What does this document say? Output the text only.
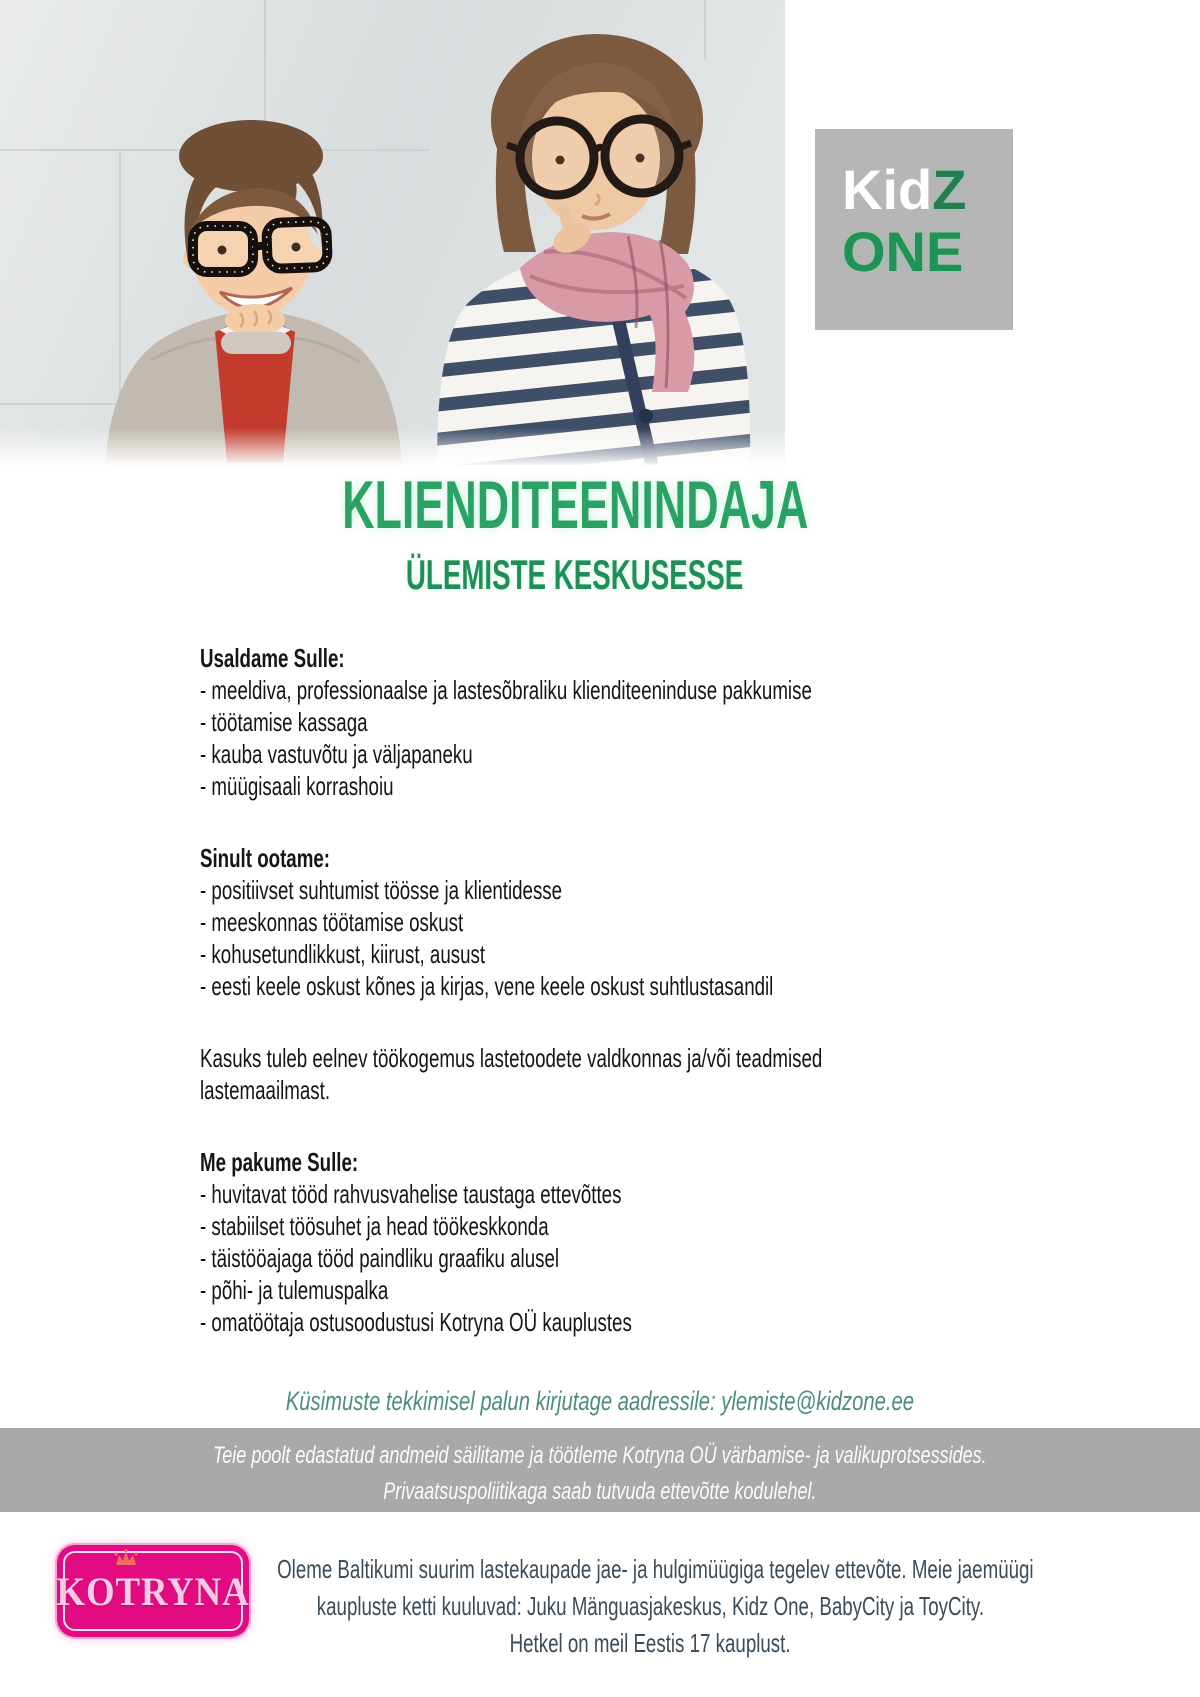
KidZ
ONE
KLIENDITEENINDAJA
ÜLEMISTE KESKUSESSE
Usaldame Sulle:
- meeldiva, professionaalse ja lastesõbraliku klienditeeninduse pakkumise
- töötamise kassaga
- kauba vastuvõtu ja väljapaneku
- müügisaali korrashoiu
Sinult ootame:
- positiivset suhtumist töösse ja klientidesse
- meeskonnas töötamise oskust
- kohusetundlikkust, kiirust, ausust
- eesti keele oskust kõnes ja kirjas, vene keele oskust suhtlustasandil
Kasuks tuleb eelnev töökogemus lastetoodete valdkonnas ja/või teadmised lastemaailmast.
Me pakume Sulle:
- huvitavat tööd rahvusvahelise taustaga ettevõttes
- stabiilset töösuhet ja head töökeskkonda
- täistööajaga tööd paindliku graafiku alusel
- põhi- ja tulemuspalka
- omatöötaja ostusoodustusi Kotryna OÜ kauplustes
Küsimuste tekkimisel palun kirjutage aadressile: ylemiste@kidzone.ee
Teie poolt edastatud andmeid säilitame ja töötleme Kotryna OÜ värbamise- ja valikuprotsessides.
Privaatsuspoliitikaga saab tutvuda ettevõtte kodulehel.
KOTRYNA	Oleme Baltikumi suurim lastekaupade jae- ja hulgimüügiga tegelev ettevõte. Meie jaemüügi
kaupluste ketti kuuluvad: Juku Mänguasjakeskus, Kidz One, BabyCity ja ToyCity.
Hetkel on meil Eestis 17 kauplust.
